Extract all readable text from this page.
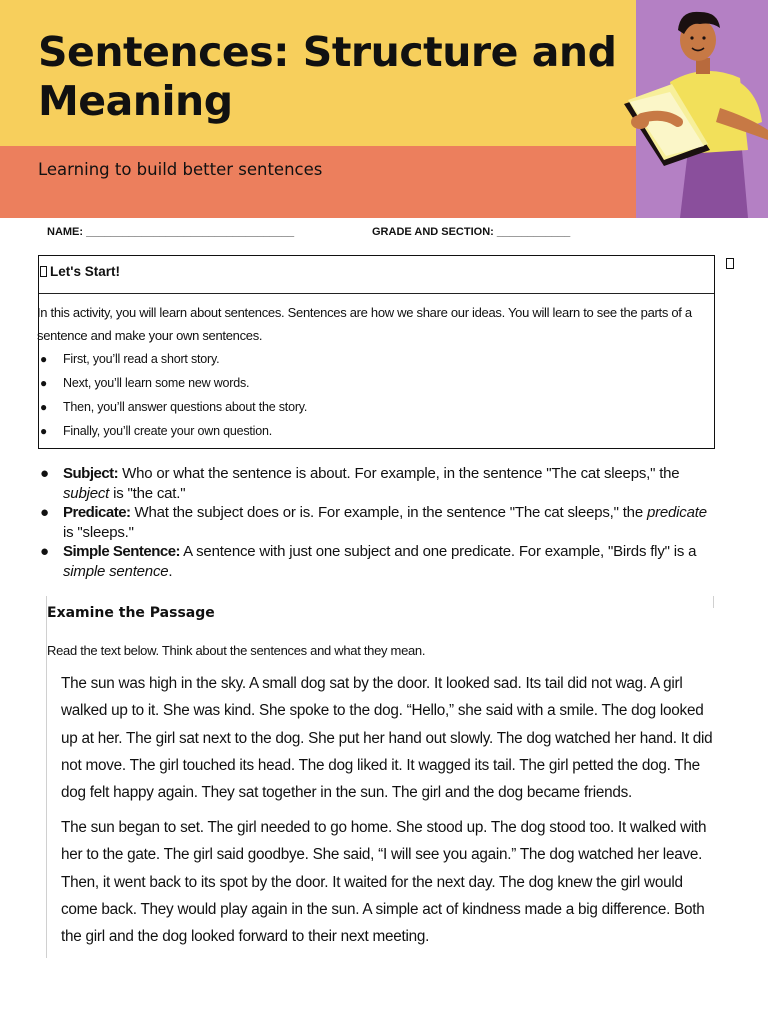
Sentences: Structure and Meaning
Learning to build better sentences
NAME: __________________________________	GRADE AND SECTION: ____________
Let's Start!

In this activity, you will learn about sentences. Sentences are how we share our ideas. You will learn to see the parts of a sentence and make your own sentences.

● First, you’ll read a short story.
● Next, you’ll learn some new words.
● Then, you’ll answer questions about the story.
● Finally, you’ll create your own question.
● Subject: Who or what the sentence is about. For example, in the sentence "The cat sleeps," the subject is "the cat."
● Predicate: What the subject does or is. For example, in the sentence "The cat sleeps," the predicate is "sleeps."
● Simple Sentence: A sentence with just one subject and one predicate. For example, "Birds fly" is a simple sentence.
Examine the Passage
Read the text below. Think about the sentences and what they mean.

The sun was high in the sky. A small dog sat by the door. It looked sad. Its tail did not wag. A girl walked up to it. She was kind. She spoke to the dog. “Hello,” she said with a smile. The dog looked up at her. The girl sat next to the dog. She put her hand out slowly. The dog watched her hand. It did not move. The girl touched its head. The dog liked it. It wagged its tail. The girl petted the dog. The dog felt happy again. They sat together in the sun. The girl and the dog became friends.

The sun began to set. The girl needed to go home. She stood up. The dog stood too. It walked with her to the gate. The girl said goodbye. She said, “I will see you again.” The dog watched her leave. Then, it went back to its spot by the door. It waited for the next day. The dog knew the girl would come back. They would play again in the sun. A simple act of kindness made a big difference. Both the girl and the dog looked forward to their next meeting.
